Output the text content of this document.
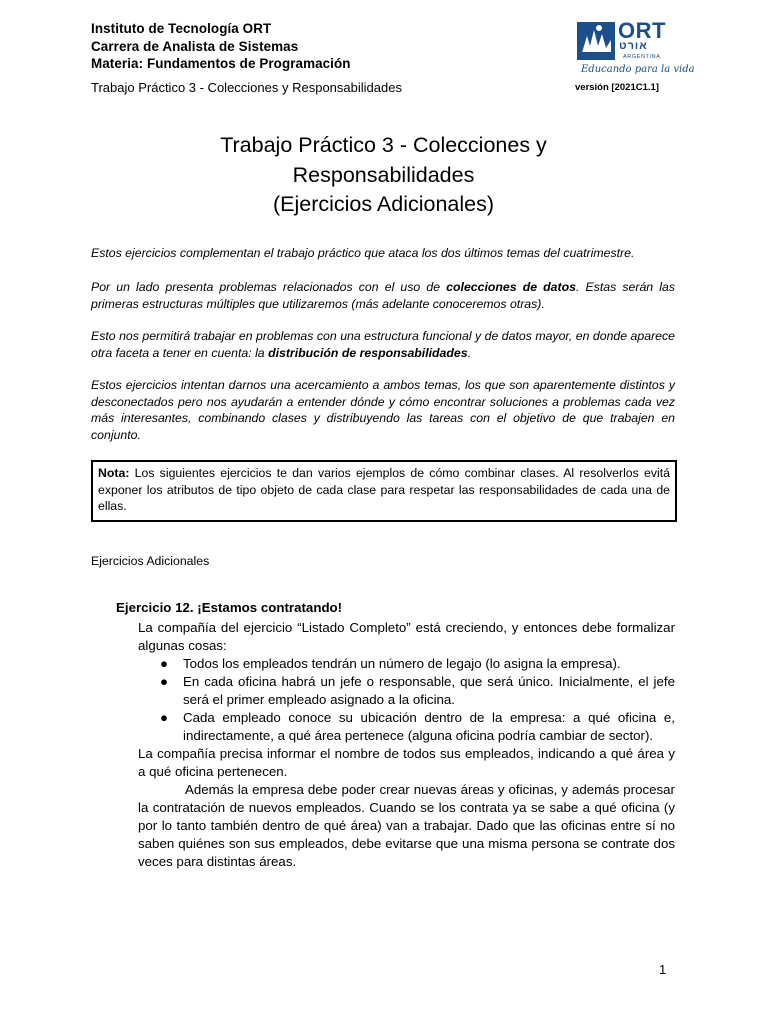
Instituto de Tecnología ORT
Carrera de Analista de Sistemas
Materia: Fundamentos de Programación
Trabajo Práctico 3 - Colecciones y Responsabilidades	versión [2021C1.1]
ORT
אורט
ARGENTINA
Educando para la vida
Trabajo Práctico 3 - Colecciones y
Responsabilidades
(Ejercicios Adicionales)
Estos ejercicios complementan el trabajo práctico que ataca los dos últimos temas del cuatrimestre.
Por un lado presenta problemas relacionados con el uso de colecciones de datos. Estas serán las primeras estructuras múltiples que utilizaremos (más adelante conoceremos otras).
Esto nos permitirá trabajar en problemas con una estructura funcional y de datos mayor, en donde aparece otra faceta a tener en cuenta: la distribución de responsabilidades.
Estos ejercicios intentan darnos una acercamiento a ambos temas, los que son aparentemente distintos y desconectados pero nos ayudarán a entender dónde y cómo encontrar soluciones a problemas cada vez más interesantes, combinando clases y distribuyendo las tareas con el objetivo de que trabajen en conjunto.
Nota: Los siguientes ejercicios te dan varios ejemplos de cómo combinar clases. Al resolverlos evitá exponer los atributos de tipo objeto de cada clase para respetar las responsabilidades de cada una de ellas.
Ejercicios Adicionales
Ejercicio 12. ¡Estamos contratando!

La compañía del ejercicio “Listado Completo” está creciendo, y entonces debe formalizar algunas cosas:

● Todos los empleados tendrán un número de legajo (lo asigna la empresa).
● En cada oficina habrá un jefe o responsable, que será único. Inicialmente, el jefe será el primer empleado asignado a la oficina.
● Cada empleado conoce su ubicación dentro de la empresa: a qué oficina e, indirectamente, a qué área pertenece (alguna oficina podría cambiar de sector).

La compañía precisa informar el nombre de todos sus empleados, indicando a qué área y a qué oficina pertenecen.

Además la empresa debe poder crear nuevas áreas y oficinas, y además procesar la contratación de nuevos empleados. Cuando se los contrata ya se sabe a qué oficina (y por lo tanto también dentro de qué área) van a trabajar. Dado que las oficinas entre sí no saben quiénes son sus empleados, debe evitarse que una misma persona se contrate dos veces para distintas áreas.

1
